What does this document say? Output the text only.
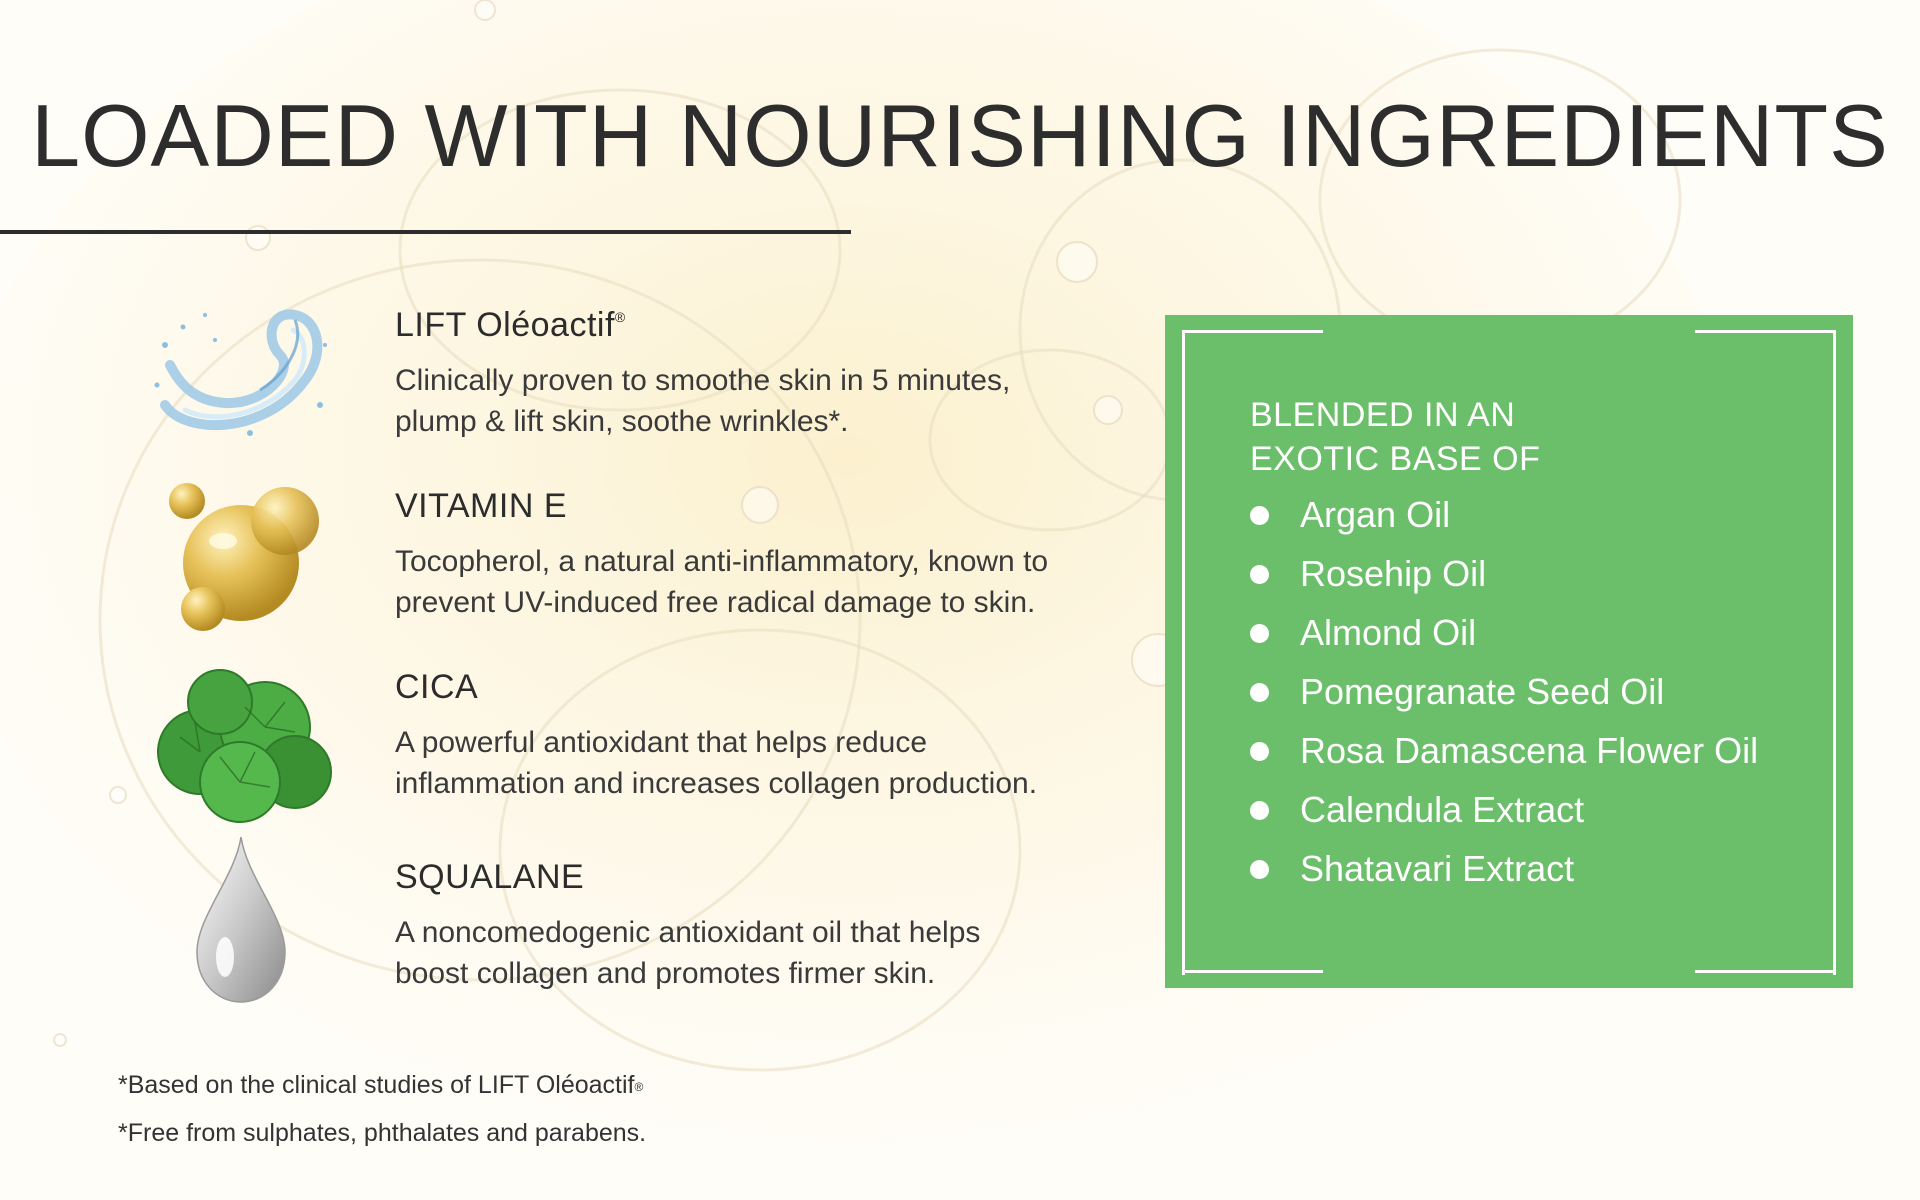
LOADED WITH NOURISHING INGREDIENTS
LIFT Oléoactif®

Clinically proven to smoothe skin in 5 minutes,
plump & lift skin, soothe wrinkles*.

VITAMIN E

Tocopherol, a natural anti-inflammatory, known to
prevent UV-induced free radical damage to skin.

CICA

A powerful antioxidant that helps reduce
inflammation and increases collagen production.

SQUALANE

A noncomedogenic antioxidant oil that helps
boost collagen and promotes firmer skin.

*Based on the clinical studies of LIFT Oléoactif®

*Free from sulphates, phthalates and parabens.

BLENDED IN AN
EXOTIC BASE OF
Argan Oil
Rosehip Oil
Almond Oil
Pomegranate Seed Oil
Rosa Damascena Flower Oil
Calendula Extract
Shatavari Extract
